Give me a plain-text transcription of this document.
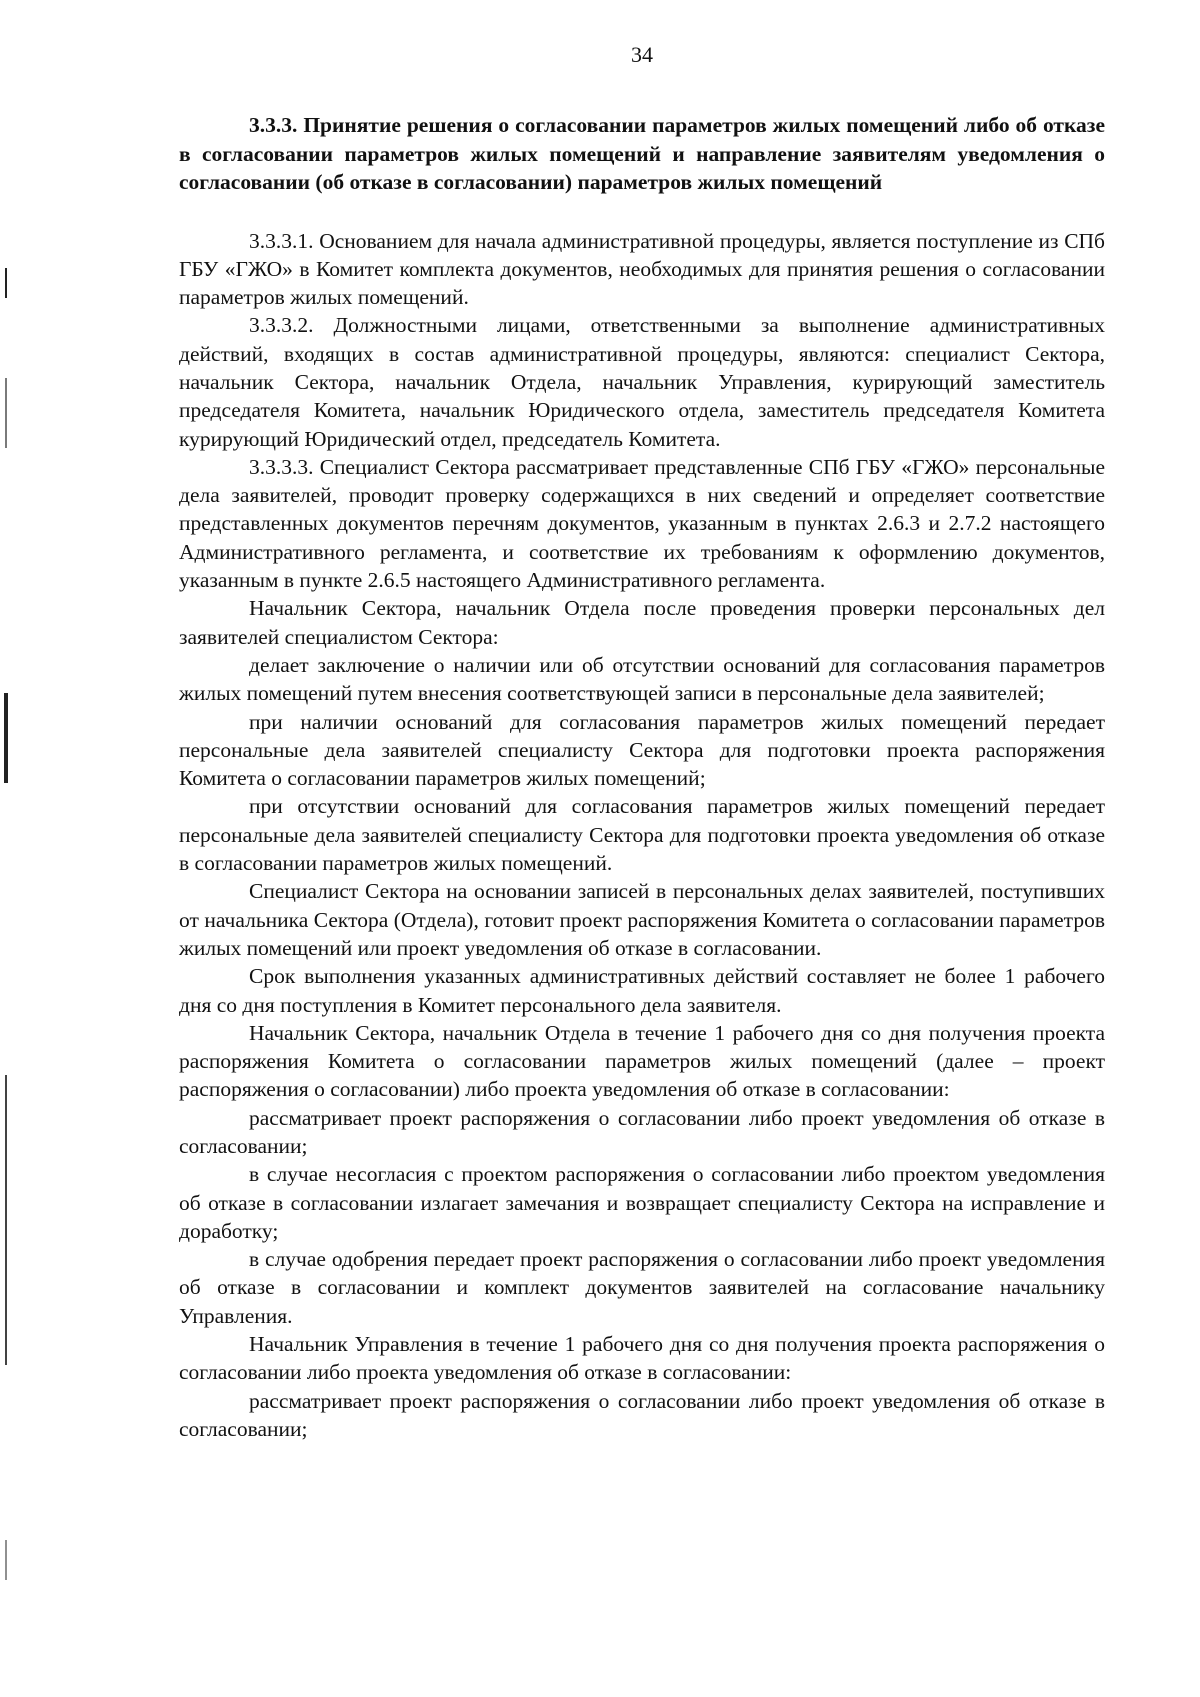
34

3.3.3. Принятие решения о согласовании параметров жилых помещений либо об отказе в согласовании параметров жилых помещений и направление заявителям уведомления о согласовании (об отказе в согласовании) параметров жилых помещений

3.3.3.1. Основанием для начала административной процедуры, является поступление из СПб ГБУ «ГЖО» в Комитет комплекта документов, необходимых для принятия решения о согласовании параметров жилых помещений.

3.3.3.2. Должностными лицами, ответственными за выполнение административных действий, входящих в состав административной процедуры, являются: специалист Сектора, начальник Сектора, начальник Отдела, начальник Управления, курирующий заместитель председателя Комитета, начальник Юридического отдела, заместитель председателя Комитета курирующий Юридический отдел, председатель Комитета.

3.3.3.3. Специалист Сектора рассматривает представленные СПб ГБУ «ГЖО» персональные дела заявителей, проводит проверку содержащихся в них сведений и определяет соответствие представленных документов перечням документов, указанным в пунктах 2.6.3 и 2.7.2 настоящего Административного регламента, и соответствие их требованиям к оформлению документов, указанным в пункте 2.6.5 настоящего Административного регламента.

Начальник Сектора, начальник Отдела после проведения проверки персональных дел заявителей специалистом Сектора:

делает заключение о наличии или об отсутствии оснований для согласования параметров жилых помещений путем внесения соответствующей записи в персональные дела заявителей;

при наличии оснований для согласования параметров жилых помещений передает персональные дела заявителей специалисту Сектора для подготовки проекта распоряжения Комитета о согласовании параметров жилых помещений;

при отсутствии оснований для согласования параметров жилых помещений передает персональные дела заявителей специалисту Сектора для подготовки проекта уведомления об отказе в согласовании параметров жилых помещений.

Специалист Сектора на основании записей в персональных делах заявителей, поступивших от начальника Сектора (Отдела), готовит проект распоряжения Комитета о согласовании параметров жилых помещений или проект уведомления об отказе в согласовании.

Срок выполнения указанных административных действий составляет не более 1 рабочего дня со дня поступления в Комитет персонального дела заявителя.

Начальник Сектора, начальник Отдела в течение 1 рабочего дня со дня получения проекта распоряжения Комитета о согласовании параметров жилых помещений (далее – проект распоряжения о согласовании) либо проекта уведомления об отказе в согласовании:

рассматривает проект распоряжения о согласовании либо проект уведомления об отказе в согласовании;

в случае несогласия с проектом распоряжения о согласовании либо проектом уведомления об отказе в согласовании излагает замечания и возвращает специалисту Сектора на исправление и доработку;

в случае одобрения передает проект распоряжения о согласовании либо проект уведомления об отказе в согласовании и комплект документов заявителей на согласование начальнику Управления.

Начальник Управления в течение 1 рабочего дня со дня получения проекта распоряжения о согласовании либо проекта уведомления об отказе в согласовании:

рассматривает проект распоряжения о согласовании либо проект уведомления об отказе в согласовании;
